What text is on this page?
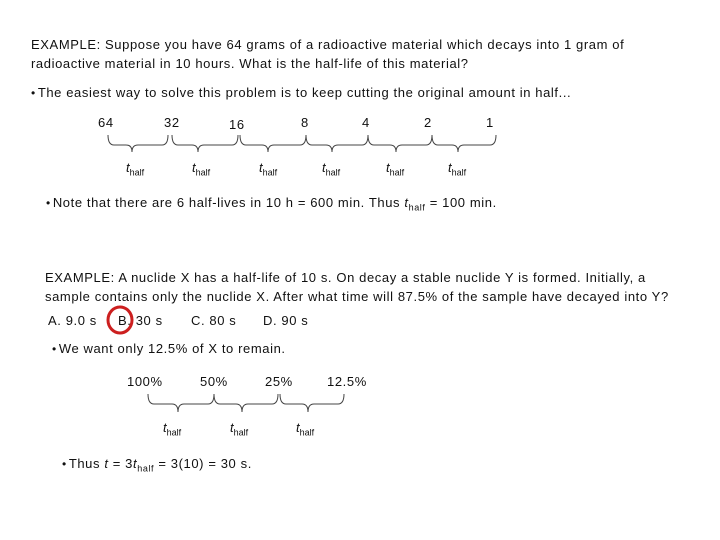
EXAMPLE: Suppose you have 64 grams of a radioactive material which decays into 1 gram of
radioactive material in 10 hours. What is the half-life of this material?
• The easiest way to solve this problem is to keep cutting the original amount in half...
64	32	16	8	4	2	1
$t_{half}$	$t_{half}$	$t_{half}$	$t_{half}$	$t_{half}$	$t_{half}$
• Note that there are 6 half-lives in 10 h = 600 min. Thus $t_{half} = 100$ min.
EXAMPLE: A nuclide X has a half-life of 10 s. On decay a stable nuclide Y is formed. Initially, a
sample contains only the nuclide X. After what time will 87.5% of the sample have decayed into Y?
A. 9.0 s B. 30 s C. 80 s D. 90 s
• We want only 12.5% of X to remain.
100%	50%	25%	12.5%
$t_{half}$	$t_{half}$	$t_{half}$
• Thus $t = 3t_{half} = 3(10) = 30$ s.
